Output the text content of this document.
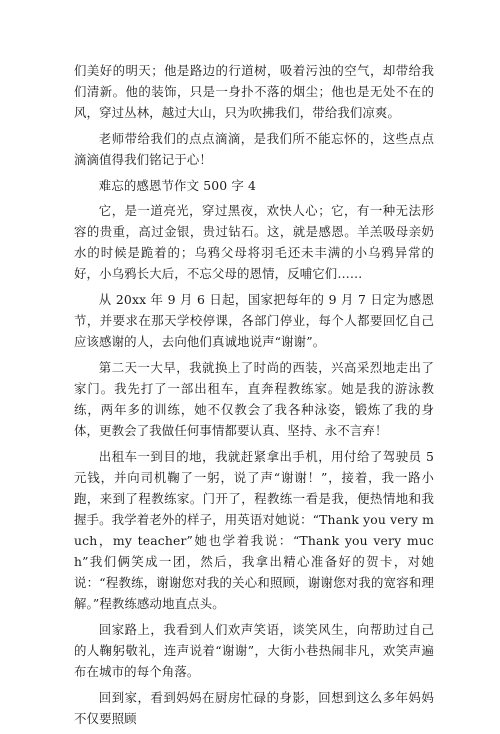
们美好的明天；他是路边的行道树，吸着污浊的空气，却带给我们清新。他的装饰，只是一身扑不落的烟尘；他也是无处不在的风，穿过丛林，越过大山，只为吹拂我们，带给我们凉爽。

老师带给我们的点点滴滴，是我们所不能忘怀的，这些点点滴滴值得我们铭记于心！

难忘的感恩节作文 500 字 4

它，是一道亮光，穿过黑夜，欢快人心；它，有一种无法形容的贵重，高过金银，贵过钻石。这，就是感恩。羊羔吸母亲奶水的时候是跪着的；乌鸦父母将羽毛还未丰满的小乌鸦异常的好，小乌鸦长大后，不忘父母的恩情，反哺它们……

从 20xx 年 9 月 6 日起，国家把每年的 9 月 7 日定为感恩节，并要求在那天学校停课，各部门停业，每个人都要回忆自己应该感谢的人，去向他们真诚地说声“谢谢”。

第二天一大早，我就换上了时尚的西装，兴高采烈地走出了家门。我先打了一部出租车，直奔程教练家。她是我的游泳教练，两年多的训练，她不仅教会了我各种泳姿，锻炼了我的身体，更教会了我做任何事情都要认真、坚持、永不言弃！

出租车一到目的地，我就赶紧拿出手机，用付给了驾驶员 5 元钱，并向司机鞠了一躬，说了声“谢谢！”，接着，我一路小跑，来到了程教练家。门开了，程教练一看是我，便热情地和我握手。我学着老外的样子，用英语对她说：“Thank you very much，my teacher”她也学着我说：“Thank you very much”我们俩笑成一团，然后，我拿出精心准备好的贺卡，对她说：“程教练，谢谢您对我的关心和照顾，谢谢您对我的宽容和理解。”程教练感动地直点头。

回家路上，我看到人们欢声笑语，谈笑风生，向帮助过自己的人鞠躬敬礼，连声说着“谢谢”，大街小巷热闹非凡，欢笑声遍布在城市的每个角落。

回到家，看到妈妈在厨房忙碌的身影，回想到这么多年妈妈不仅要照顾
